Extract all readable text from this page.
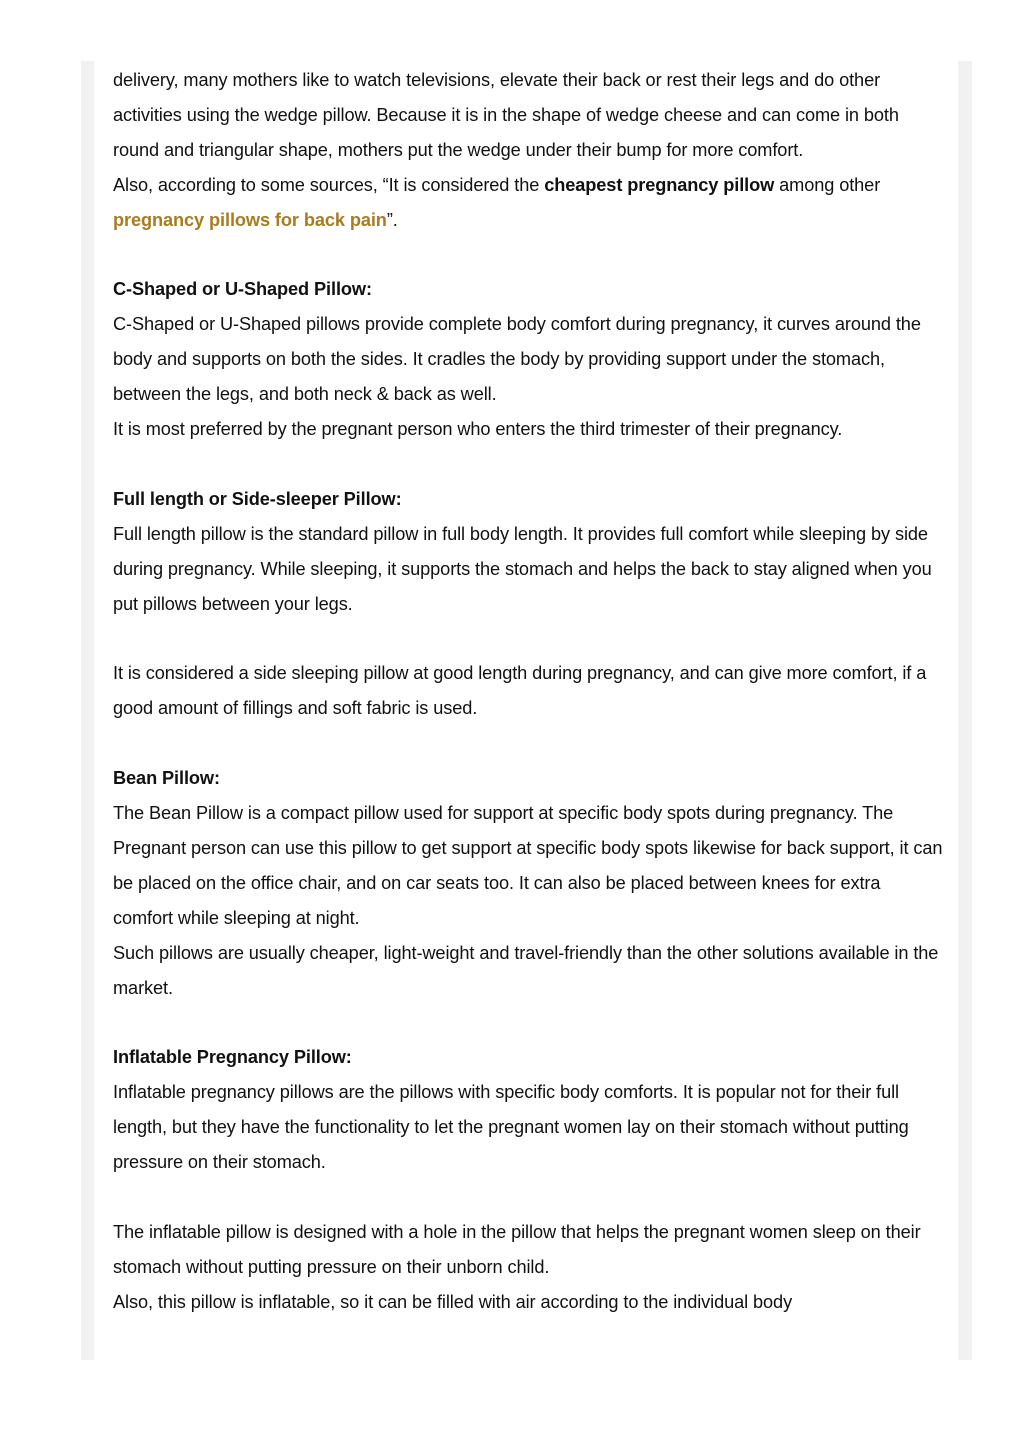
delivery, many mothers like to watch televisions, elevate their back or rest their legs and do other activities using the wedge pillow. Because it is in the shape of wedge cheese and can come in both round and triangular shape, mothers put the wedge under their bump for more comfort.

Also, according to some sources, “It is considered the cheapest pregnancy pillow among other pregnancy pillows for back pain”.

C-Shaped or U-Shaped Pillow:

C-Shaped or U-Shaped pillows provide complete body comfort during pregnancy, it curves around the body and supports on both the sides. It cradles the body by providing support under the stomach, between the legs, and both neck & back as well.

It is most preferred by the pregnant person who enters the third trimester of their pregnancy.

Full length or Side-sleeper Pillow:

Full length pillow is the standard pillow in full body length. It provides full comfort while sleeping by side during pregnancy. While sleeping, it supports the stomach and helps the back to stay aligned when you put pillows between your legs.

It is considered a side sleeping pillow at good length during pregnancy, and can give more comfort, if a good amount of fillings and soft fabric is used.

Bean Pillow:

The Bean Pillow is a compact pillow used for support at specific body spots during pregnancy. The Pregnant person can use this pillow to get support at specific body spots likewise for back support, it can be placed on the office chair, and on car seats too. It can also be placed between knees for extra comfort while sleeping at night.

Such pillows are usually cheaper, light-weight and travel-friendly than the other solutions available in the market.

Inflatable Pregnancy Pillow:

Inflatable pregnancy pillows are the pillows with specific body comforts. It is popular not for their full length, but they have the functionality to let the pregnant women lay on their stomach without putting pressure on their stomach.

The inflatable pillow is designed with a hole in the pillow that helps the pregnant women sleep on their stomach without putting pressure on their unborn child.

Also, this pillow is inflatable, so it can be filled with air according to the individual body
